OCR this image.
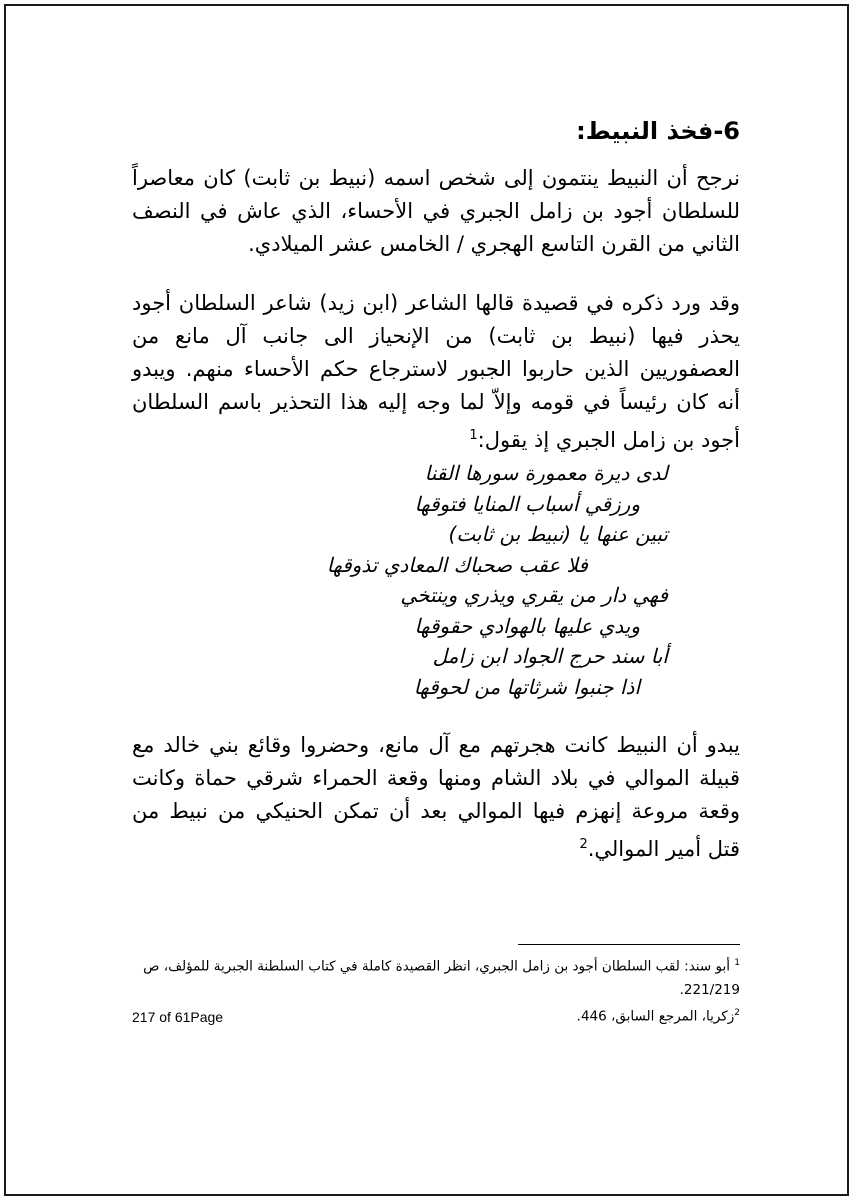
6-فخذ النبيط:

نرجح أن النبيط ينتمون إلى شخص اسمه (نبيط بن ثابت) كان معاصراً للسلطان أجود بن زامل الجبري في الأحساء، الذي عاش في النصف الثاني من القرن التاسع الهجري / الخامس عشر الميلادي.

وقد ورد ذكره في قصيدة قالها الشاعر (ابن زيد) شاعر السلطان أجود يحذر فيها (نبيط بن ثابت) من الإنحياز الى جانب آل مانع من العصفوريين الذين حاربوا الجبور لاسترجاع حكم الأحساء منهم. ويبدو أنه كان رئيساً في قومه وإلاّ لما وجه إليه هذا التحذير باسم السلطان أجود بن زامل الجبري إذ يقول:$^1$

لدى ديرة معمورة سورها القنا
ورزقي أسباب المنايا فتوقها
تبين عنها يا (نبيط بن ثابت)
فلا عقب صحباك المعادي تذوقها
فهي دار من يقري ويذري وينتخي
ويدي عليها بالهوادي حقوقها
أبا سند حرج الجواد ابن زامل
اذا جنبوا شرثاتها من لحوقها

يبدو أن النبيط كانت هجرتهم مع آل مانع، وحضروا وقائع بني خالد مع قبيلة الموالي في بلاد الشام ومنها وقعة الحمراء شرقي حماة وكانت وقعة مروعة إنهزم فيها الموالي بعد أن تمكن الحنيكي من نبيط من قتل أمير الموالي.$^2$

$^1$ أبو سند: لقب السلطان أجود بن زامل الجبري، انظر القصيدة كاملة في كتاب السلطنة الجبرية للمؤلف، ص 221/219.
$^2$زكريا، المرجع السابق، 446.
217 of 61Page
